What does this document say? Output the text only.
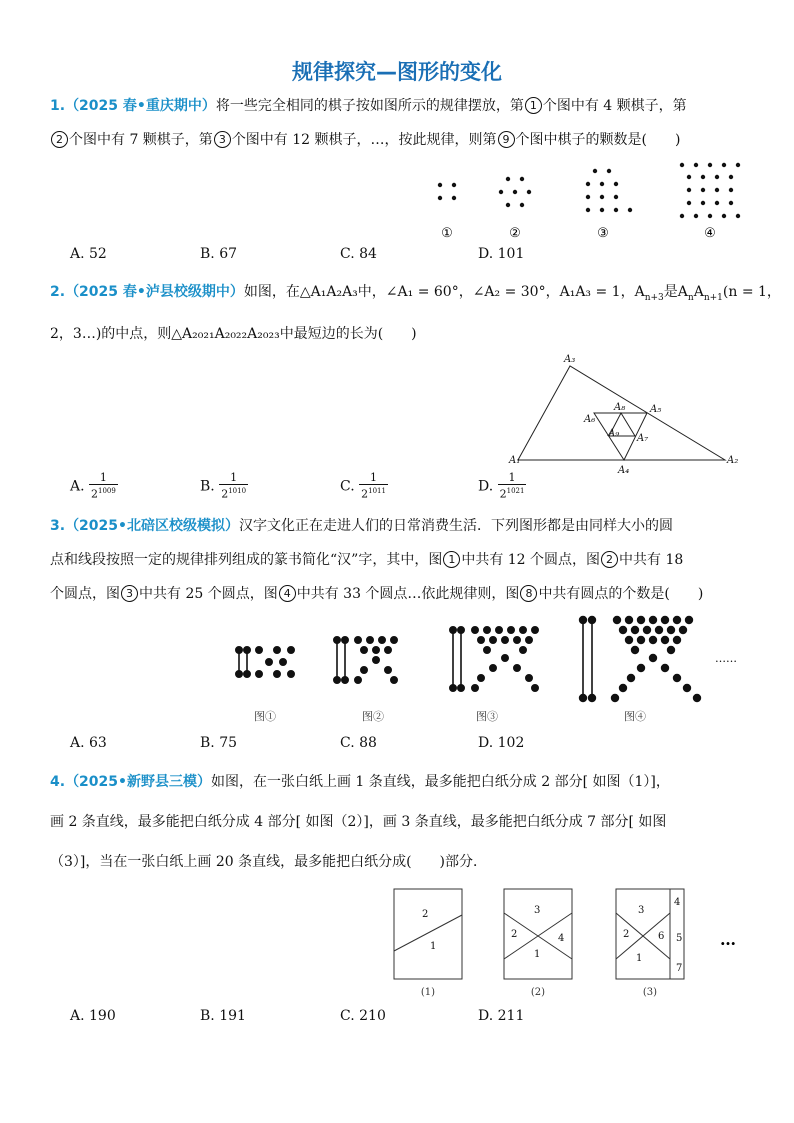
规律探究—图形的变化
1.（2025 春•重庆期中）将一些完全相同的棋子按如图所示的规律摆放，第 1 个图中有 4 颗棋子，第
2 个图中有 7 颗棋子，第 3 个图中有 12 颗棋子，…，按此规律，则第 9 个图中棋子的颗数是(　　)
①	②	③	④
A. 52	B. 67	C. 84	D. 101
2.（2025 春•泸县校级期中）如图，在△A₁A₂A₃中，∠A₁ = 60°，∠A₂ = 30°，A₁A₃ = 1，$A_{n+3}$是$A_nA_{n+1}(n = 1$，
2，3…)的中点，则△A₂₀₂₁A₂₀₂₂A₂₀₂₃中最短边的长为(　　)
A₃
A₈ A₅
A₆
A₉ A₇
A₁
A₄
A₂
A. $\frac{1}{2^{1009}}$	B. $\frac{1}{2^{1010}}$	C. $\frac{1}{2^{1011}}$	D. $\frac{1}{2^{1021}}$
3.（2025•北碚区校级模拟）汉字文化正在走进人们的日常消费生活．下列图形都是由同样大小的圆
点和线段按照一定的规律排列组成的篆书简化“汉”字，其中，图 1 中共有 12 个圆点，图 2 中共有 18
个圆点，图 3 中共有 25 个圆点，图 4 中共有 33 个圆点…依此规律则，图 8 中共有圆点的个数是(　　)
……
图①	图②	图③	图④
A. 63	B. 75	C. 88	D. 102
4.（2025•新野县三模）如图，在一张白纸上画 1 条直线，最多能把白纸分成 2 部分[ 如图（1）]，
画 2 条直线，最多能把白纸分成 4 部分[ 如图（2）]，画 3 条直线，最多能把白纸分成 7 部分[ 如图
（3）]，当在一张白纸上画 20 条直线，最多能把白纸分成(　　)部分．
2
1
3
2	4
1
4
3
2	6 5
1
7
(1)	(2)	(3)
…
A. 190	B. 191	C. 210	D. 211
